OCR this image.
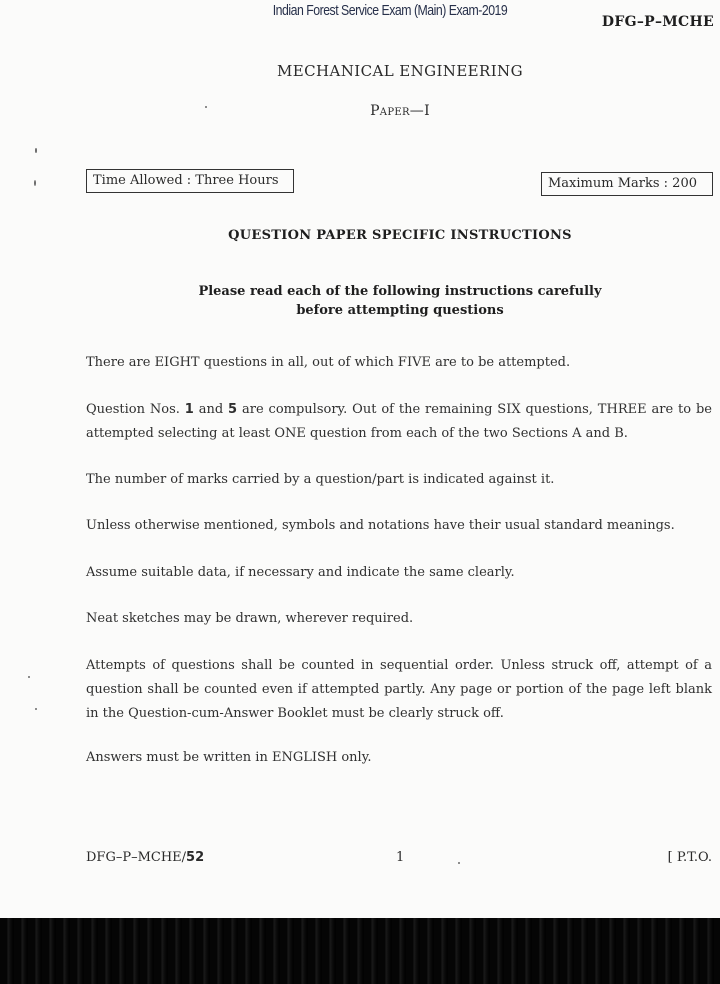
Indian Forest Service Exam (Main) Exam-2019
DFG–P–MCHE
MECHANICAL ENGINEERING
Paper—I
Time Allowed : Three Hours	Maximum Marks : 200
QUESTION PAPER SPECIFIC INSTRUCTIONS
Please read each of the following instructions carefully
before attempting questions
There are EIGHT questions in all, out of which FIVE are to be attempted.
Question Nos. 1 and 5 are compulsory. Out of the remaining SIX questions, THREE are to be attempted selecting at least ONE question from each of the two Sections A and B.
The number of marks carried by a question/part is indicated against it.
Unless otherwise mentioned, symbols and notations have their usual standard meanings.
Assume suitable data, if necessary and indicate the same clearly.
Neat sketches may be drawn, wherever required.
Attempts of questions shall be counted in sequential order. Unless struck off, attempt of a question shall be counted even if attempted partly. Any page or portion of the page left blank in the Question-cum-Answer Booklet must be clearly struck off.
Answers must be written in ENGLISH only.
DFG–P–MCHE/52	1	[ P.T.O.
